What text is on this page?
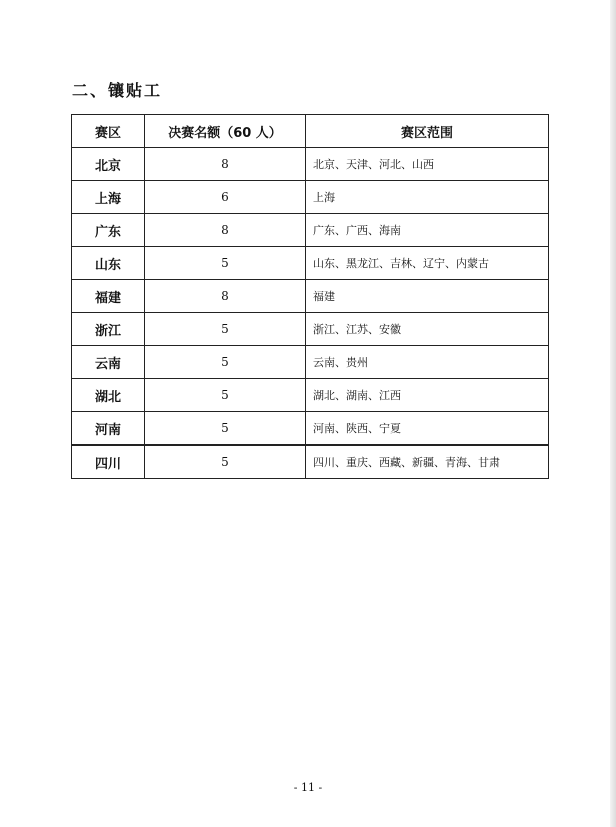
二、镶贴工
赛区	决赛名额（60 人）	赛区范围
北京	8	北京、天津、河北、山西
上海	6	上海
广东	8	广东、广西、海南
山东	5	山东、黑龙江、吉林、辽宁、内蒙古
福建	8	福建
浙江	5	浙江、江苏、安徽
云南	5	云南、贵州
湖北	5	湖北、湖南、江西
河南	5	河南、陕西、宁夏
四川	5	四川、重庆、西藏、新疆、青海、甘肃
- 11 -
